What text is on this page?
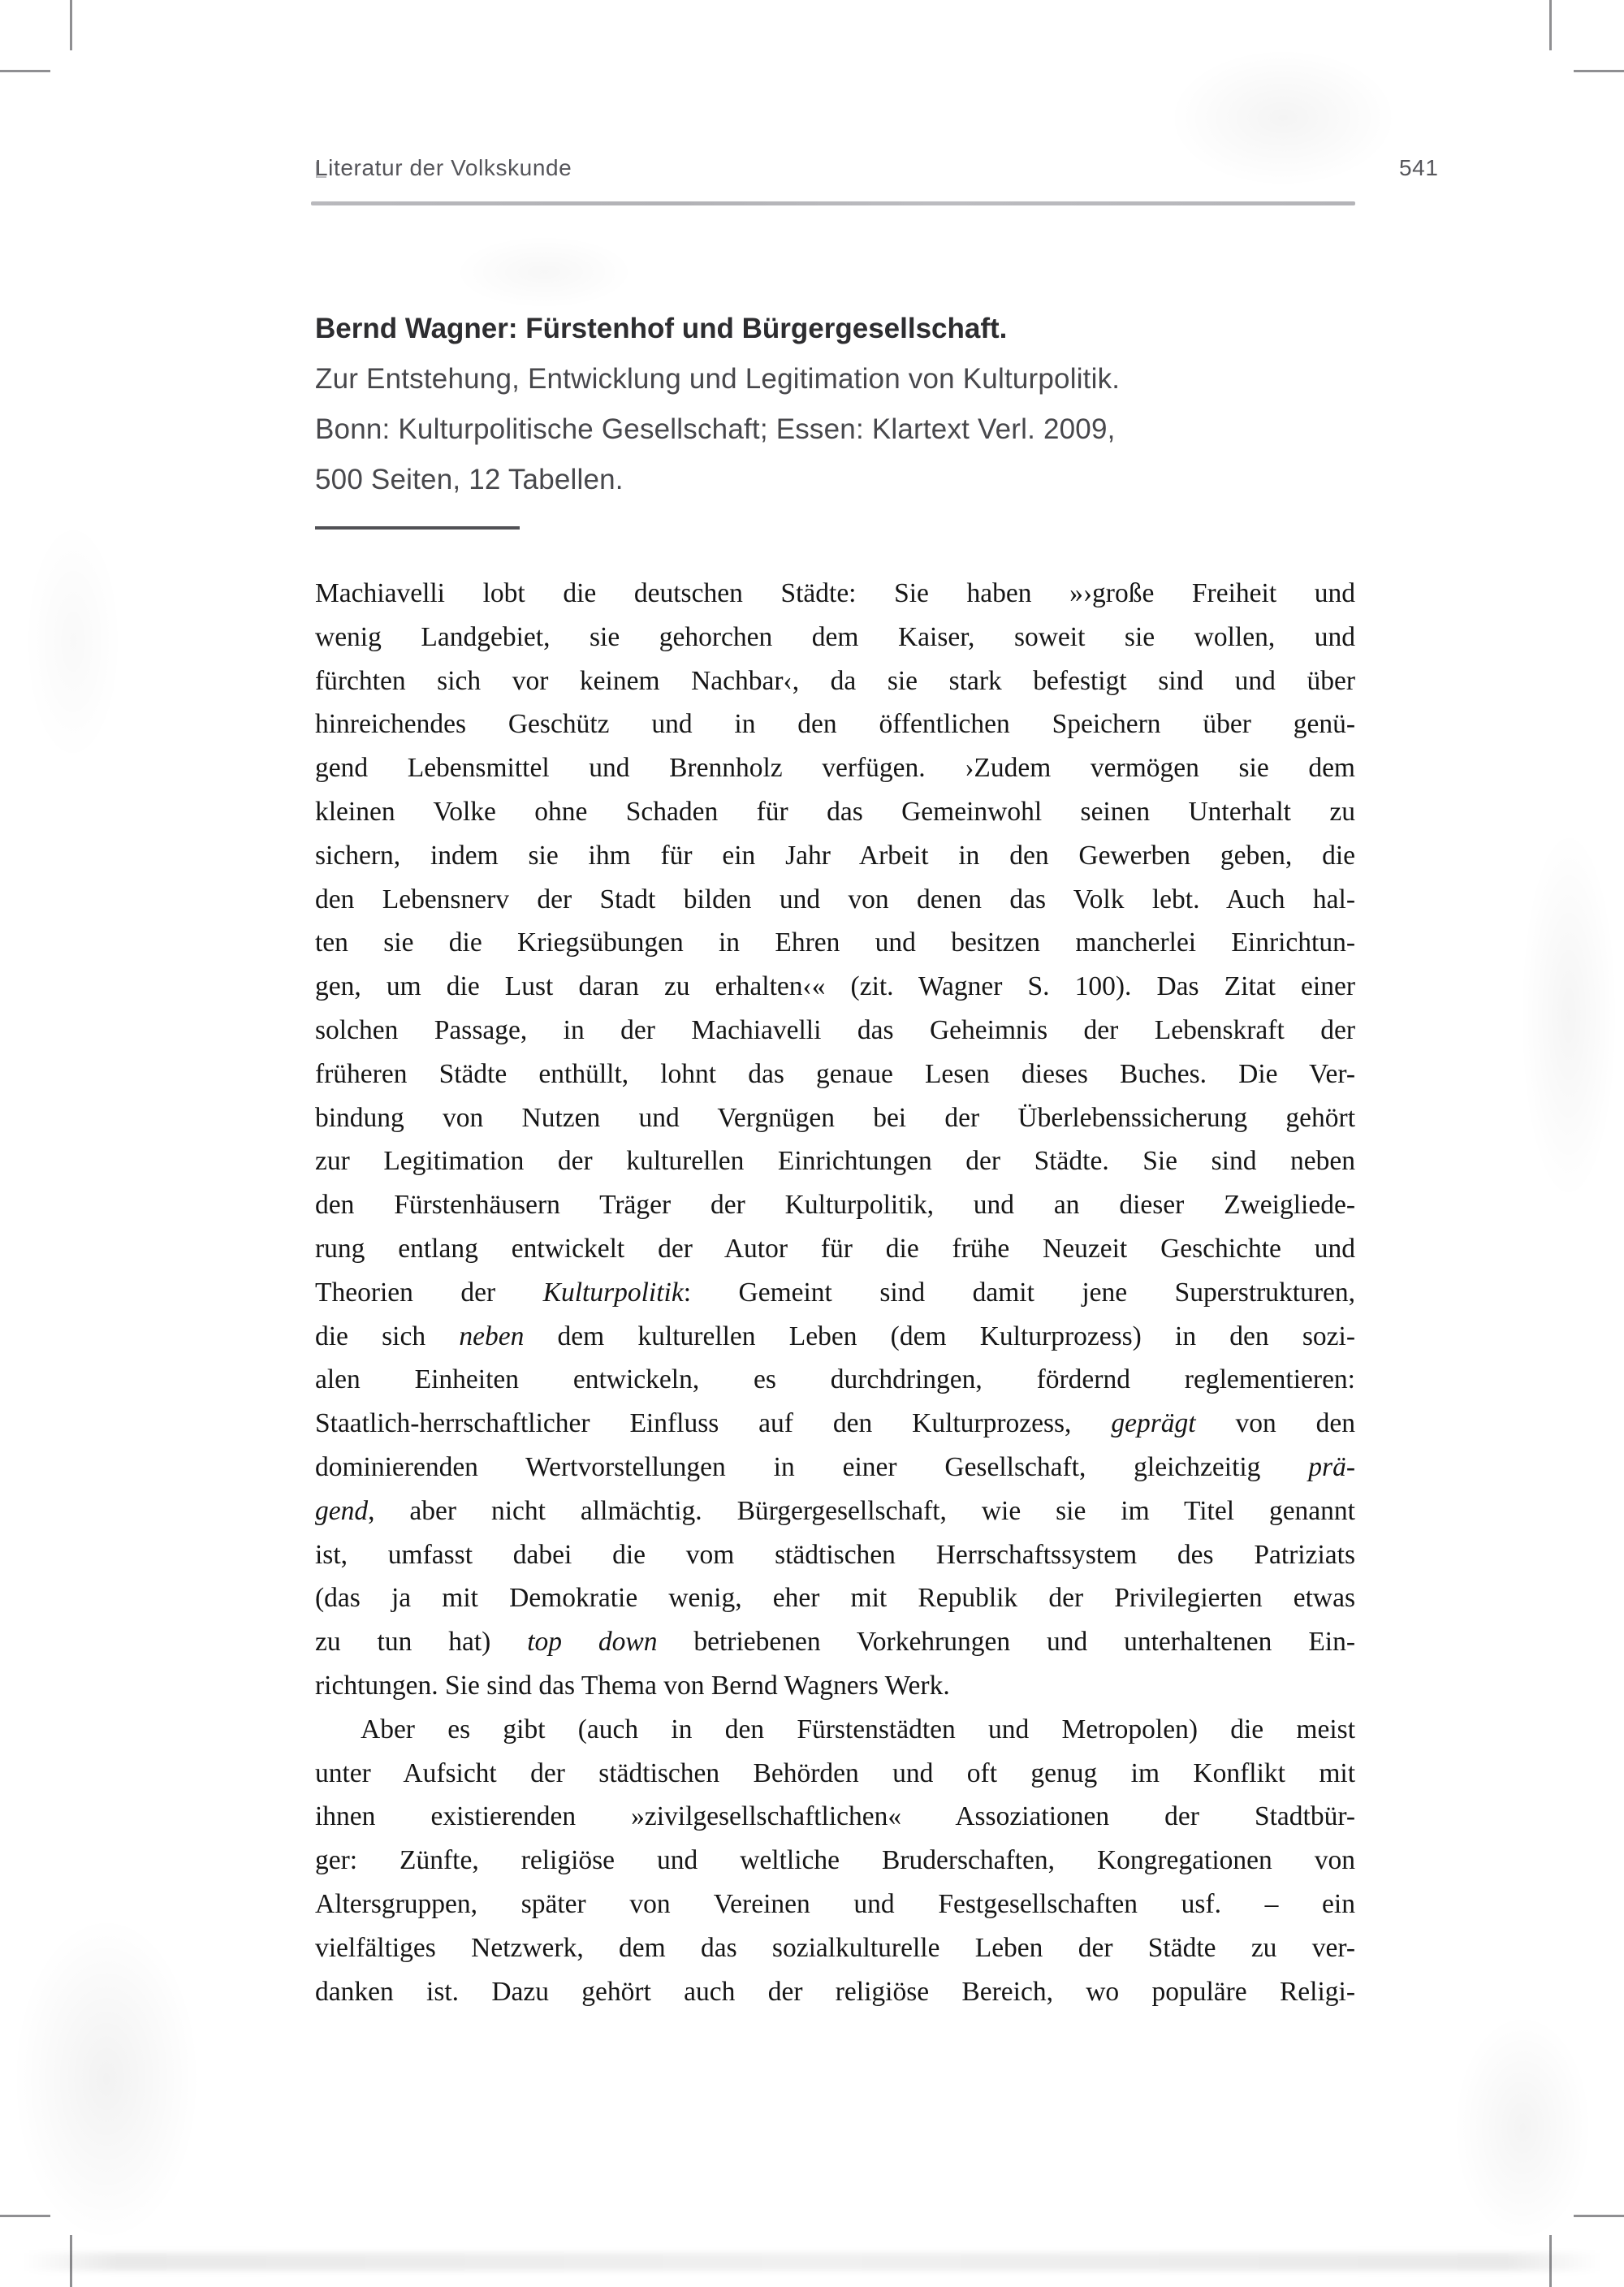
Literatur der Volkskunde	541
Bernd Wagner: Fürstenhof und Bürgergesellschaft.
Zur Entstehung, Entwicklung und Legitimation von Kulturpolitik.
Bonn: Kulturpolitische Gesellschaft; Essen: Klartext Verl. 2009,
500 Seiten, 12 Tabellen.
Machiavelli lobt die deutschen Städte: Sie haben »›große Freiheit und
wenig Landgebiet, sie gehorchen dem Kaiser, soweit sie wollen, und
fürchten sich vor keinem Nachbar‹, da sie stark befestigt sind und über
hinreichendes Geschütz und in den öffentlichen Speichern über genü-
gend Lebensmittel und Brennholz verfügen. ›Zudem vermögen sie dem
kleinen Volke ohne Schaden für das Gemeinwohl seinen Unterhalt zu
sichern, indem sie ihm für ein Jahr Arbeit in den Gewerben geben, die
den Lebensnerv der Stadt bilden und von denen das Volk lebt. Auch hal-
ten sie die Kriegsübungen in Ehren und besitzen mancherlei Einrichtun-
gen, um die Lust daran zu erhalten‹« (zit. Wagner S. 100). Das Zitat einer
solchen Passage, in der Machiavelli das Geheimnis der Lebenskraft der
früheren Städte enthüllt, lohnt das genaue Lesen dieses Buches. Die Ver-
bindung von Nutzen und Vergnügen bei der Überlebenssicherung gehört
zur Legitimation der kulturellen Einrichtungen der Städte. Sie sind neben
den Fürstenhäusern Träger der Kulturpolitik, und an dieser Zweigliede-
rung entlang entwickelt der Autor für die frühe Neuzeit Geschichte und
Theorien der Kulturpolitik: Gemeint sind damit jene Superstrukturen,
die sich neben dem kulturellen Leben (dem Kulturprozess) in den sozi-
alen Einheiten entwickeln, es durchdringen, fördernd reglementieren:
Staatlich-herrschaftlicher Einfluss auf den Kulturprozess, geprägt von den
dominierenden Wertvorstellungen in einer Gesellschaft, gleichzeitig prä-
gend, aber nicht allmächtig. Bürgergesellschaft, wie sie im Titel genannt
ist, umfasst dabei die vom städtischen Herrschaftssystem des Patriziats
(das ja mit Demokratie wenig, eher mit Republik der Privilegierten etwas
zu tun hat) top down betriebenen Vorkehrungen und unterhaltenen Ein-
richtungen. Sie sind das Thema von Bernd Wagners Werk.
Aber es gibt (auch in den Fürstenstädten und Metropolen) die meist
unter Aufsicht der städtischen Behörden und oft genug im Konflikt mit
ihnen existierenden »zivilgesellschaftlichen« Assoziationen der Stadtbür-
ger: Zünfte, religiöse und weltliche Bruderschaften, Kongregationen von
Altersgruppen, später von Vereinen und Festgesellschaften usf. – ein
vielfältiges Netzwerk, dem das sozialkulturelle Leben der Städte zu ver-
danken ist. Dazu gehört auch der religiöse Bereich, wo populäre Religi-
